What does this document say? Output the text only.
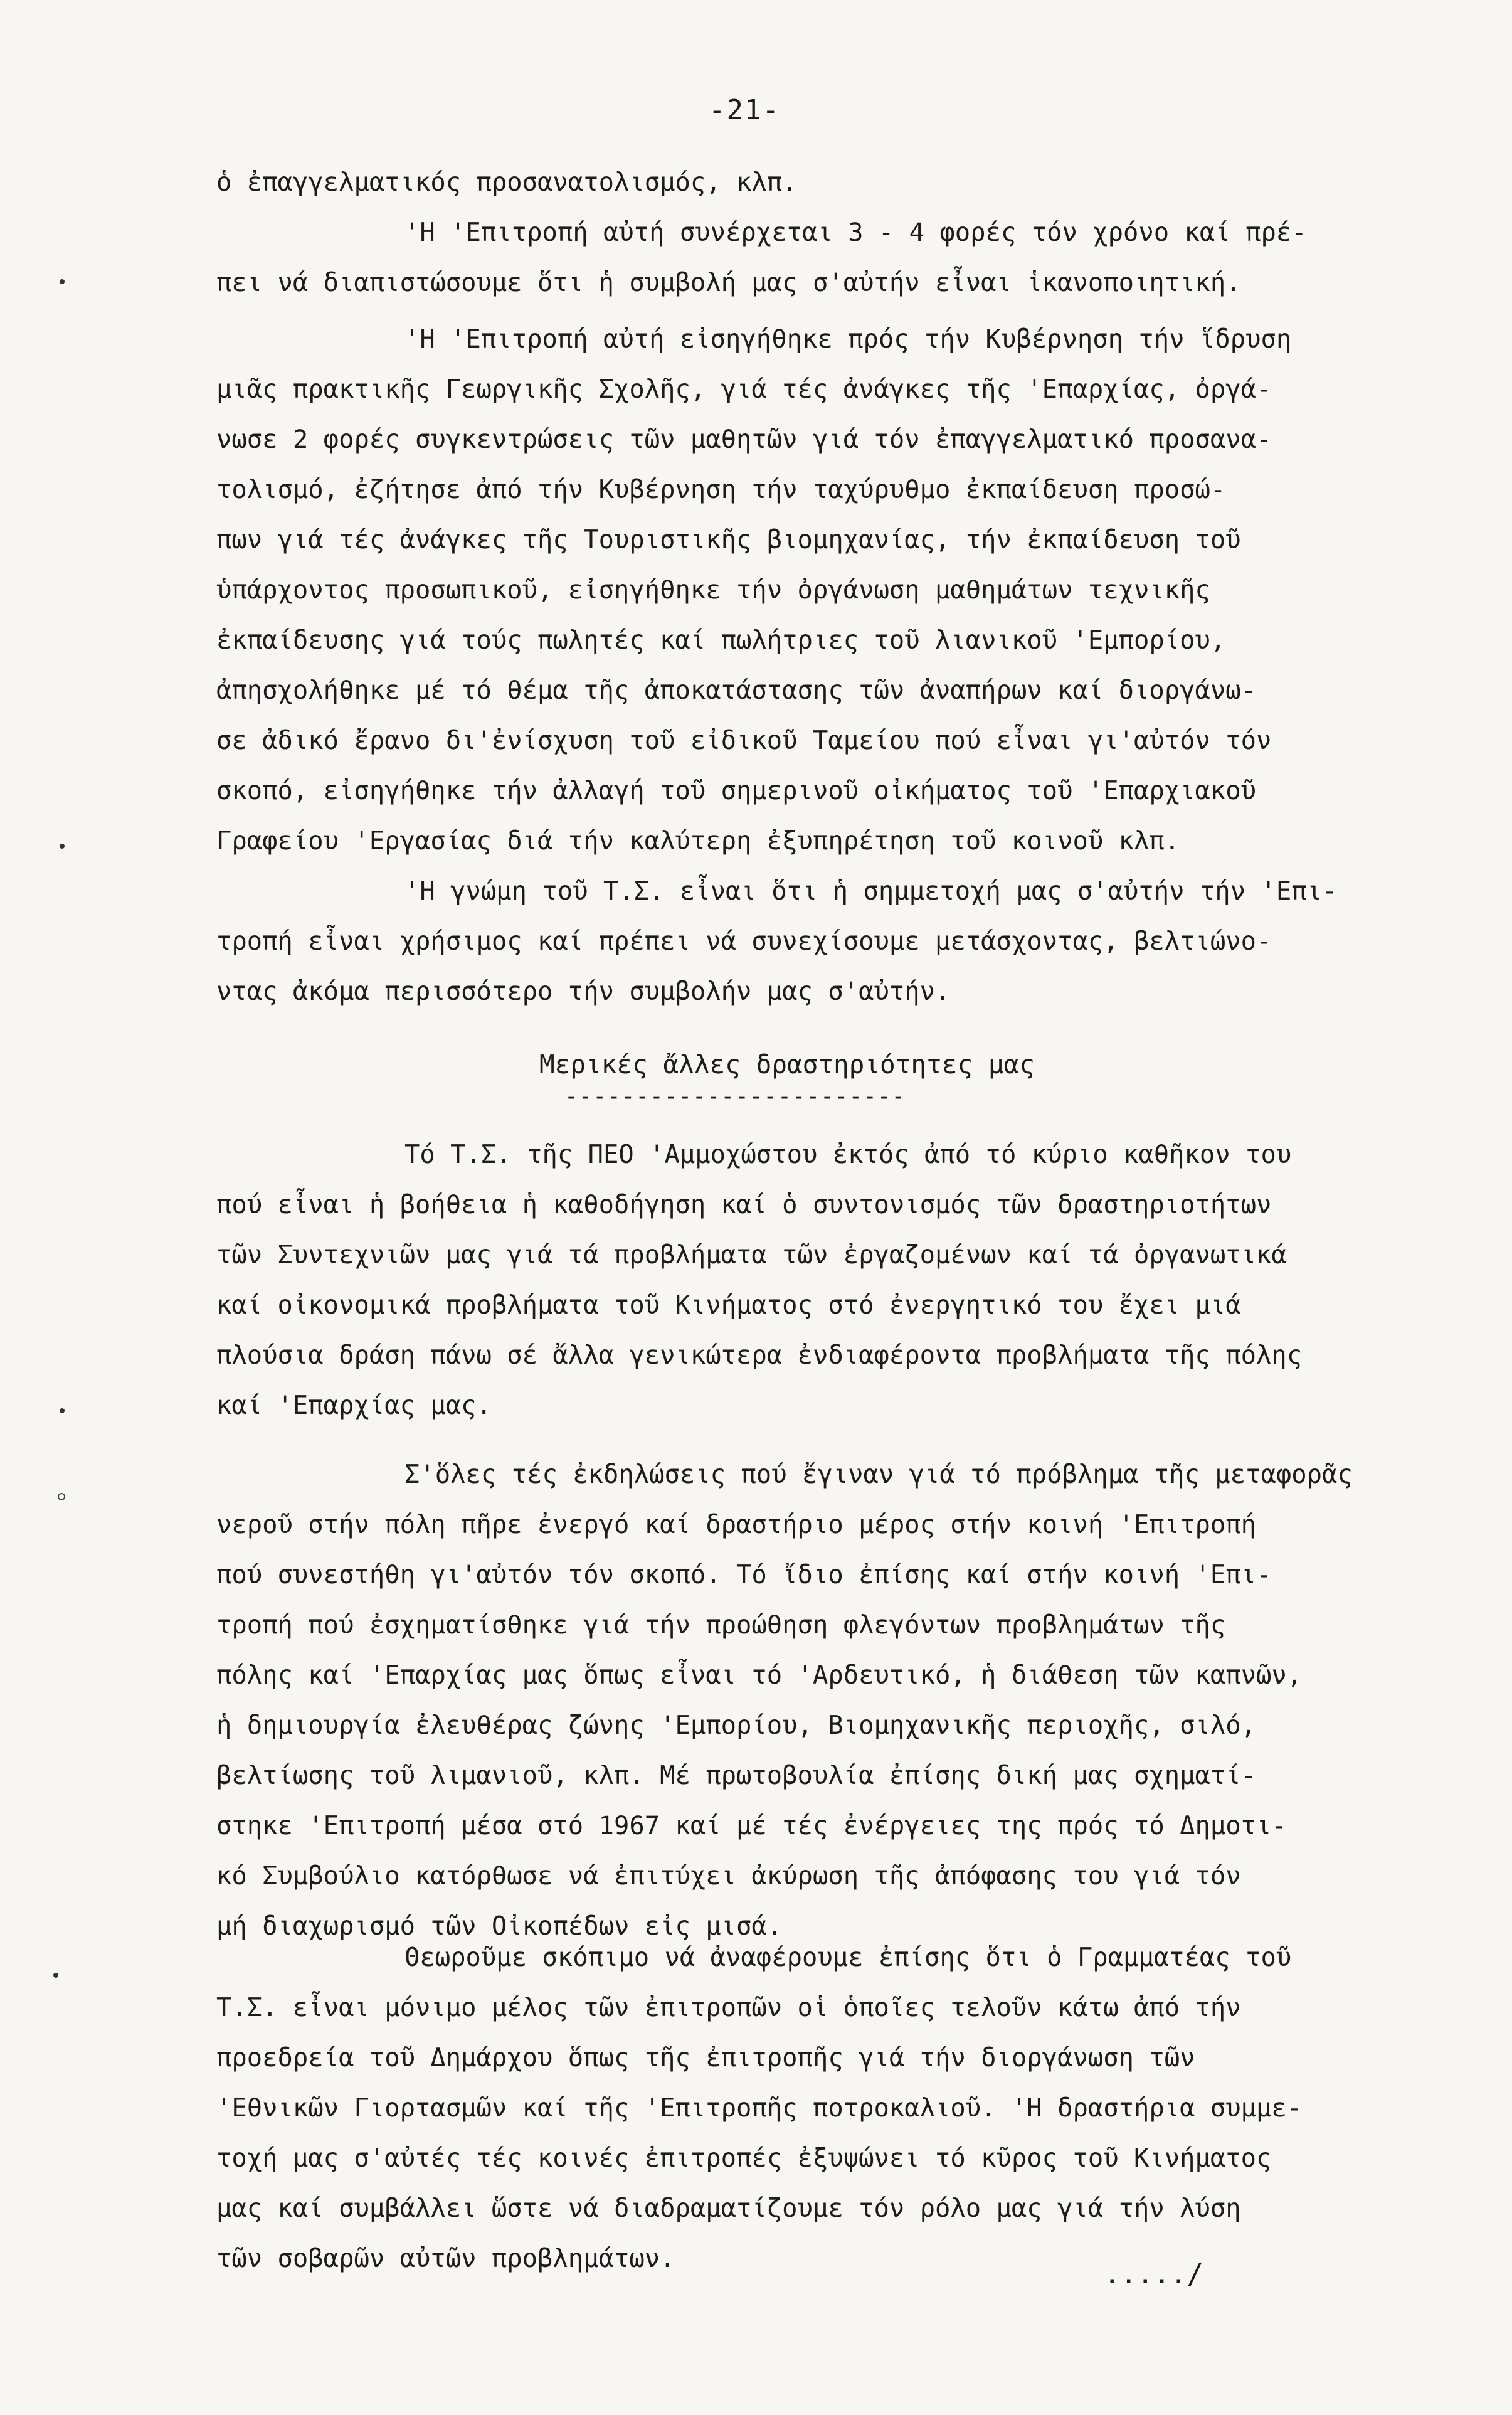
-21-
ὁ ἐπαγγελματικός προσανατολισμός, κλπ.
'Η 'Επιτροπή αὐτή συνέρχεται 3 - 4 φορές τόν χρόνο καί πρέ-
πει νά διαπιστώσουμε ὅτι ἡ συμβολή μας σ'αὐτήν εἶναι ἱκανοποιητική.
'Η 'Επιτροπή αὐτή εἰσηγήθηκε πρός τήν Κυβέρνηση τήν ἵδρυση
μιᾶς πρακτικῆς Γεωργικῆς Σχολῆς, γιά τές ἀνάγκες τῆς 'Επαρχίας, ὀργά-
νωσε 2 φορές συγκεντρώσεις τῶν μαθητῶν γιά τόν ἐπαγγελματικό προσανα-
τολισμό, ἐζήτησε ἀπό τήν Κυβέρνηση τήν ταχύρυθμο ἐκπαίδευση προσώ-
πων γιά τές ἀνάγκες τῆς Τουριστικῆς βιομηχανίας, τήν ἐκπαίδευση τοῦ
ὑπάρχοντος προσωπικοῦ, εἰσηγήθηκε τήν ὀργάνωση μαθημάτων τεχνικῆς
ἐκπαίδευσης γιά τούς πωλητές καί πωλήτριες τοῦ λιανικοῦ 'Εμπορίου,
ἀπησχολήθηκε μέ τό θέμα τῆς ἀποκατάστασης τῶν ἀναπήρων καί διοργάνω-
σε ἀδικό ἔρανο δι'ἐνίσχυση τοῦ εἰδικοῦ Ταμείου πού εἶναι γι'αὐτόν τόν
σκοπό, εἰσηγήθηκε τήν ἀλλαγή τοῦ σημερινοῦ οἰκήματος τοῦ 'Επαρχιακοῦ
Γραφείου 'Εργασίας διά τήν καλύτερη ἐξυπηρέτηση τοῦ κοινοῦ κλπ.
'Η γνώμη τοῦ Τ.Σ. εἶναι ὅτι ἡ σημμετοχή μας σ'αὐτήν τήν 'Επι-
τροπή εἶναι χρήσιμος καί πρέπει νά συνεχίσουμε μετάσχοντας, βελτιώνο-
ντας ἀκόμα περισσότερο τήν συμβολήν μας σ'αὐτήν.
Μερικές ἄλλες δραστηριότητες μας
------------------------
Τό Τ.Σ. τῆς ΠΕΟ 'Αμμοχώστου ἐκτός ἀπό τό κύριο καθῆκον του
πού εἶναι ἡ βοήθεια ἡ καθοδήγηση καί ὁ συντονισμός τῶν δραστηριοτήτων
τῶν Συντεχνιῶν μας γιά τά προβλήματα τῶν ἐργαζομένων καί τά ὀργανωτικά
καί οἰκονομικά προβλήματα τοῦ Κινήματος στό ἐνεργητικό του ἔχει μιά
πλούσια δράση πάνω σέ ἄλλα γενικώτερα ἐνδιαφέροντα προβλήματα τῆς πόλης
καί 'Επαρχίας μας.
Σ'ὅλες τές ἐκδηλώσεις πού ἔγιναν γιά τό πρόβλημα τῆς μεταφορᾶς
νεροῦ στήν πόλη πῆρε ἐνεργό καί δραστήριο μέρος στήν κοινή 'Επιτροπή
πού συνεστήθη γι'αὐτόν τόν σκοπό. Τό ἴδιο ἐπίσης καί στήν κοινή 'Επι-
τροπή πού ἐσχηματίσθηκε γιά τήν προώθηση φλεγόντων προβλημάτων τῆς
πόλης καί 'Επαρχίας μας ὅπως εἶναι τό 'Αρδευτικό, ἡ διάθεση τῶν καπνῶν,
ἡ δημιουργία ἐλευθέρας ζώνης 'Εμπορίου, Βιομηχανικῆς περιοχῆς, σιλό,
βελτίωσης τοῦ λιμανιοῦ, κλπ. Μέ πρωτοβουλία ἐπίσης δική μας σχηματί-
στηκε 'Επιτροπή μέσα στό 1967 καί μέ τές ἐνέργειες της πρός τό Δημοτι-
κό Συμβούλιο κατόρθωσε νά ἐπιτύχει ἀκύρωση τῆς ἀπόφασης του γιά τόν
μή διαχωρισμό τῶν Οἰκοπέδων εἰς μισά.
Θεωροῦμε σκόπιμο νά ἀναφέρουμε ἐπίσης ὅτι ὁ Γραμματέας τοῦ
Τ.Σ. εἶναι μόνιμο μέλος τῶν ἐπιτροπῶν οἱ ὁποῖες τελοῦν κάτω ἀπό τήν
προεδρεία τοῦ Δημάρχου ὅπως τῆς ἐπιτροπῆς γιά τήν διοργάνωση τῶν
'Εθνικῶν Γιορτασμῶν καί τῆς 'Επιτροπῆς ποτροκαλιοῦ. 'Η δραστήρια συμμε-
τοχή μας σ'αὐτές τές κοινές ἐπιτροπές ἐξυψώνει τό κῦρος τοῦ Κινήματος
μας καί συμβάλλει ὥστε νά διαδραματίζουμε τόν ρόλο μας γιά τήν λύση
τῶν σοβαρῶν αὐτῶν προβλημάτων.	...../
